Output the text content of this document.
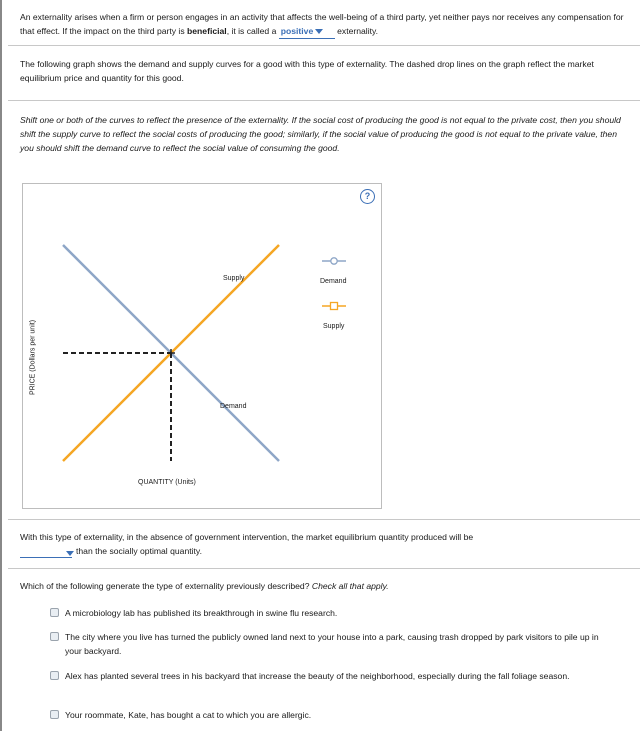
An externality arises when a firm or person engages in an activity that affects the well-being of a third party, yet neither pays nor receives any compensation for that effect. If the impact on the third party is beneficial, it is called a positive	externality.

The following graph shows the demand and supply curves for a good with this type of externality. The dashed drop lines on the graph reflect the market equilibrium price and quantity for this good.

Shift one or both of the curves to reflect the presence of the externality. If the social cost of producing the good is not equal to the private cost, then you should shift the supply curve to reflect the social costs of producing the good; similarly, if the social value of producing the good is not equal to the private value, then you should shift the demand curve to reflect the social value of consuming the good.

?
Supply
Demand
Demand
Supply
QUANTITY (Units)
PRICE (Dollars per unit)

With this type of externality, in the absence of government intervention, the market equilibrium quantity produced will be

than the socially optimal quantity.

Which of the following generate the type of externality previously described? Check all that apply.

A microbiology lab has published its breakthrough in swine flu research.

The city where you live has turned the publicly owned land next to your house into a park, causing trash dropped by park visitors to pile up in your backyard.

Alex has planted several trees in his backyard that increase the beauty of the neighborhood, especially during the fall foliage season.

Your roommate, Kate, has bought a cat to which you are allergic.
